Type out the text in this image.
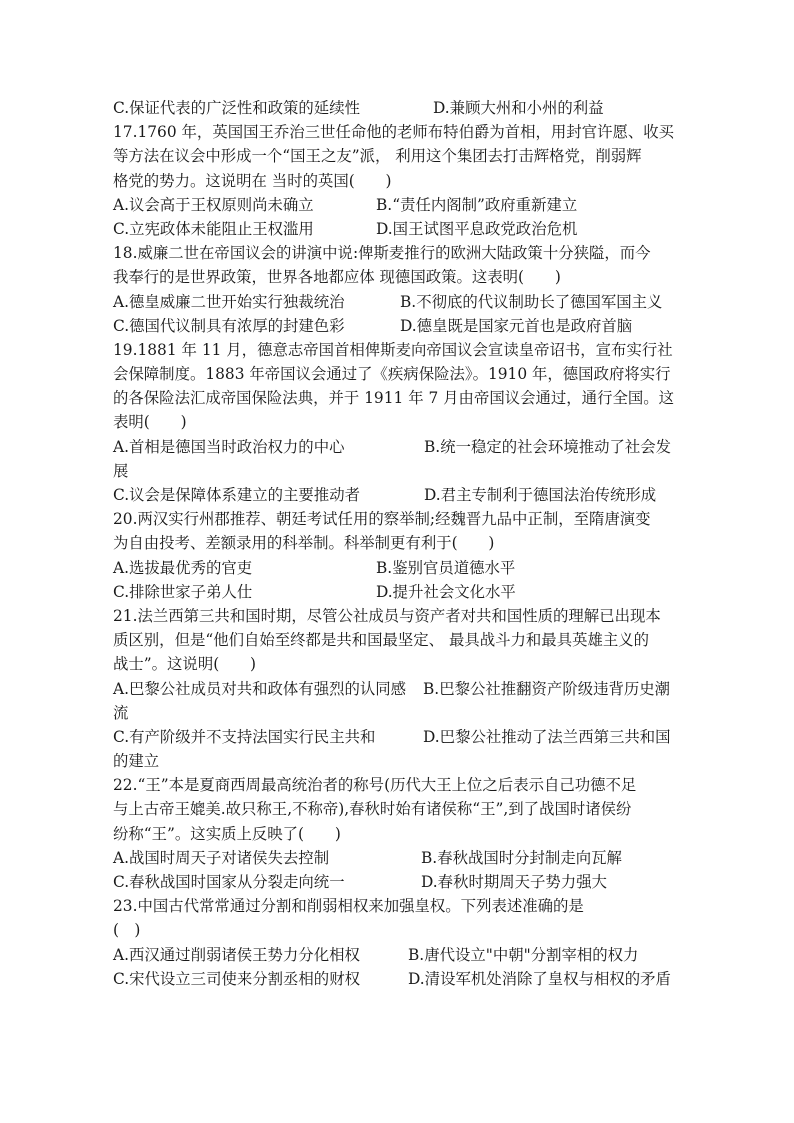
C.保证代表的广泛性和政策的延续性	D.兼顾大州和小州的利益
17.1760 年，英国国王乔治三世任命他的老师布特伯爵为首相，用封官许愿、收买
等方法在议会中形成一个“国王之友”派， 利用这个集团去打击辉格党，削弱辉
格党的势力。这说明在 当时的英国(　　)
A.议会高于王权原则尚未确立	B.“责任内阁制”政府重新建立
C.立宪政体未能阻止王权滥用	D.国王试图平息政党政治危机
18.威廉二世在帝国议会的讲演中说:俾斯麦推行的欧洲大陆政策十分狭隘，而今
我奉行的是世界政策，世界各地都应体 现德国政策。这表明(　　)
A.德皇威廉二世开始实行独裁统治	B.不彻底的代议制助长了德国军国主义
C.德国代议制具有浓厚的封建色彩	D.德皇既是国家元首也是政府首脑
19.1881 年 11 月，德意志帝国首相俾斯麦向帝国议会宣读皇帝诏书，宣布实行社
会保障制度。1883 年帝国议会通过了《疾病保险法》。1910 年，德国政府将实行
的各保险法汇成帝国保险法典，并于 1911 年 7 月由帝国议会通过，通行全国。这
表明(　　)
A.首相是德国当时政治权力的中心	B.统一稳定的社会环境推动了社会发
展
C.议会是保障体系建立的主要推动者	D.君主专制利于德国法治传统形成
20.两汉实行州郡推荐、朝廷考试任用的察举制;经魏晋九品中正制，至隋唐演变
为自由投考、差额录用的科举制。科举制更有利于(　　)
A.选拔最优秀的官吏	B.鉴别官员道德水平
C.排除世家子弟人仕	D.提升社会文化水平
21.法兰西第三共和国时期，尽管公社成员与资产者对共和国性质的理解已出现本
质区别，但是“他们自始至终都是共和国最坚定、 最具战斗力和最具英雄主义的
战士”。这说明(　　)
A.巴黎公社成员对共和政体有强烈的认同感 B.巴黎公社推翻资产阶级违背历史潮
流
C.有产阶级并不支持法国实行民主共和	D.巴黎公社推动了法兰西第三共和国
的建立
22.“王”本是夏商西周最高统治者的称号(历代大王上位之后表示自己功德不足
与上古帝王媲美.故只称王,不称帝),春秋时始有诸侯称“王”,到了战国时诸侯纷
纷称“王”。这实质上反映了(　　)
A.战国时周天子对诸侯失去控制	B.春秋战国时分封制走向瓦解
C.春秋战国时国家从分裂走向统一	D.春秋时期周天子势力强大
23.中国古代常常通过分割和削弱相权来加强皇权。下列表述准确的是
(　)
A.西汉通过削弱诸侯王势力分化相权	B.唐代设立"中朝"分割宰相的权力
C.宋代设立三司使来分割丞相的财权	D.清设军机处消除了皇权与相权的矛盾
